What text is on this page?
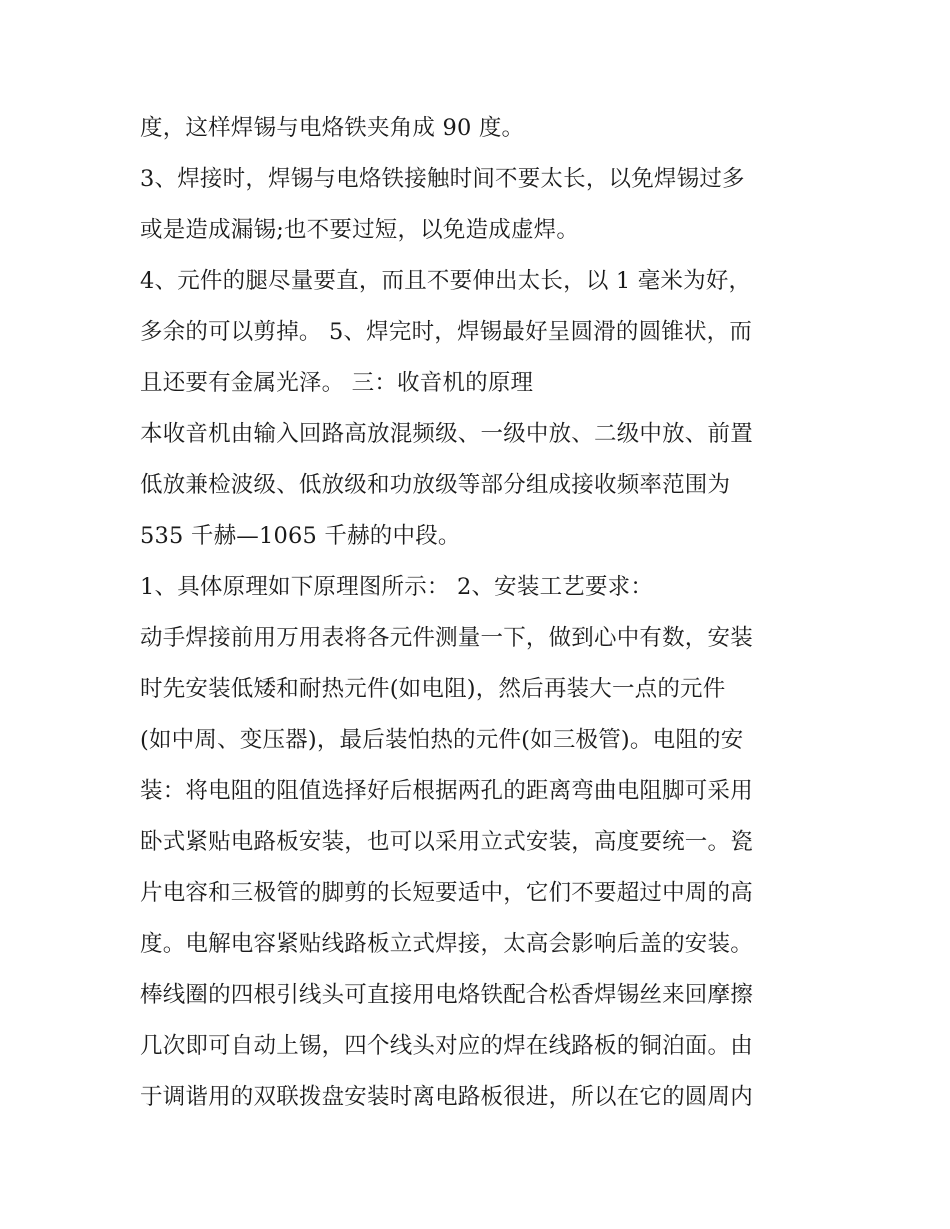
度，这样焊锡与电烙铁夹角成 90 度。
3、焊接时，焊锡与电烙铁接触时间不要太长，以免焊锡过多
或是造成漏锡;也不要过短，以免造成虚焊。
4、元件的腿尽量要直，而且不要伸出太长，以 1 毫米为好，
多余的可以剪掉。 5、焊完时，焊锡最好呈圆滑的圆锥状，而
且还要有金属光泽。 三：收音机的原理
本收音机由输入回路高放混频级、一级中放、二级中放、前置
低放兼检波级、低放级和功放级等部分组成接收频率范围为
535 千赫—1065 千赫的中段。
1、具体原理如下原理图所示： 2、安装工艺要求：
动手焊接前用万用表将各元件测量一下，做到心中有数，安装
时先安装低矮和耐热元件(如电阻)，然后再装大一点的元件
(如中周、变压器)，最后装怕热的元件(如三极管)。电阻的安
装：将电阻的阻值选择好后根据两孔的距离弯曲电阻脚可采用
卧式紧贴电路板安装，也可以采用立式安装，高度要统一。瓷
片电容和三极管的脚剪的长短要适中，它们不要超过中周的高
度。电解电容紧贴线路板立式焊接，太高会影响后盖的安装。
棒线圈的四根引线头可直接用电烙铁配合松香焊锡丝来回摩擦
几次即可自动上锡，四个线头对应的焊在线路板的铜泊面。由
于调谐用的双联拨盘安装时离电路板很进，所以在它的圆周内
